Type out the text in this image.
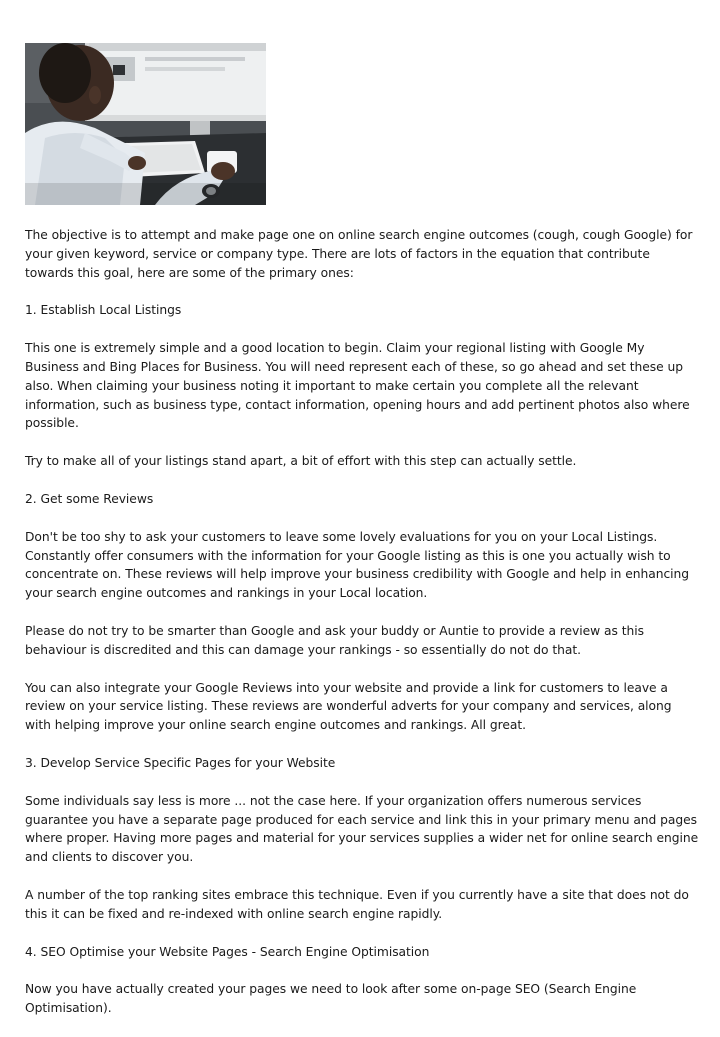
The objective is to attempt and make page one on online search engine outcomes (cough, cough Google) for your given keyword, service or company type. There are lots of factors in the equation that contribute towards this goal, here are some of the primary ones:

1. Establish Local Listings

This one is extremely simple and a good location to begin. Claim your regional listing with Google My Business and Bing Places for Business. You will need represent each of these, so go ahead and set these up also. When claiming your business noting it important to make certain you complete all the relevant information, such as business type, contact information, opening hours and add pertinent photos also where possible.

Try to make all of your listings stand apart, a bit of effort with this step can actually settle.

2. Get some Reviews

Don't be too shy to ask your customers to leave some lovely evaluations for you on your Local Listings. Constantly offer consumers with the information for your Google listing as this is one you actually wish to concentrate on. These reviews will help improve your business credibility with Google and help in enhancing your search engine outcomes and rankings in your Local location.

Please do not try to be smarter than Google and ask your buddy or Auntie to provide a review as this behaviour is discredited and this can damage your rankings - so essentially do not do that.

You can also integrate your Google Reviews into your website and provide a link for customers to leave a review on your service listing. These reviews are wonderful adverts for your company and services, along with helping improve your online search engine outcomes and rankings. All great.

3. Develop Service Specific Pages for your Website

Some individuals say less is more ... not the case here. If your organization offers numerous services guarantee you have a separate page produced for each service and link this in your primary menu and pages where proper. Having more pages and material for your services supplies a wider net for online search engine and clients to discover you.

A number of the top ranking sites embrace this technique. Even if you currently have a site that does not do this it can be fixed and re-indexed with online search engine rapidly.

4. SEO Optimise your Website Pages - Search Engine Optimisation

Now you have actually created your pages we need to look after some on-page SEO (Search Engine Optimisation).
